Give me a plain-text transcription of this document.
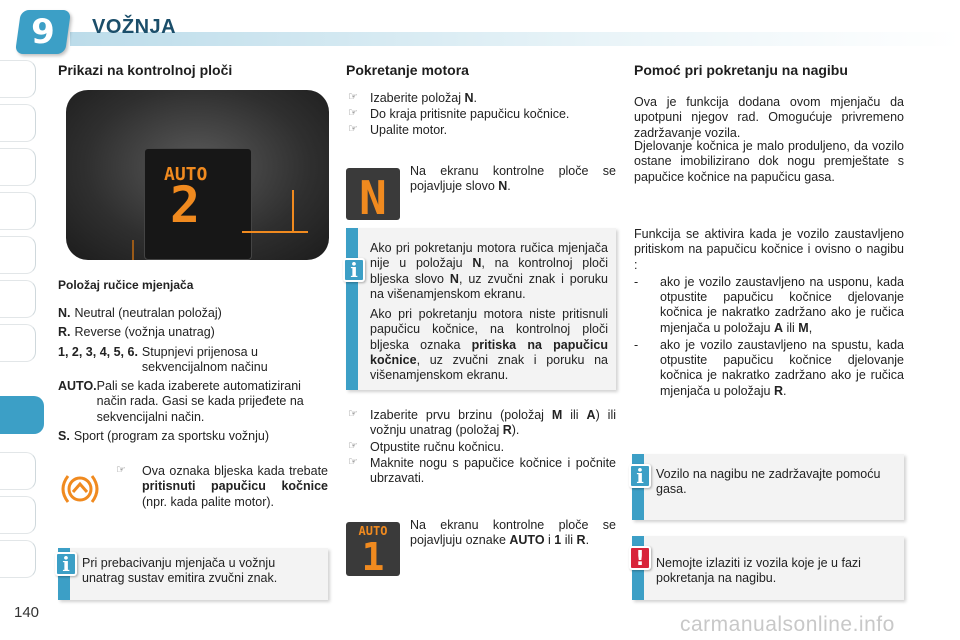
9	VOŽNJA
Prikazi na kontrolnoj ploči
AUTO
2
Položaj ručice mjenjača
N. Neutral (neutralan položaj)
R. Reverse (vožnja unatrag)
1, 2, 3, 4, 5, 6. Stupnjevi prijenosa u sekvencijalnom načinu
AUTO. Pali se kada izaberete automatizirani način rada. Gasi se kada prijeđete na sekvencijalni način.
S. Sport (program za sportsku vožnju)
☞	Ova oznaka bljeska kada trebate pritisnuti papučicu kočnice (npr. kada palite motor).
i Pri prebacivanju mjenjača u vožnju unatrag sustav emitira zvučni znak.
Pokretanje motora
☞ Izaberite položaj N.
☞ Do kraja pritisnite papučicu kočnice.
☞ Upalite motor.
N	Na ekranu kontrolne ploče se pojavljuje slovo N.
i
Ako pri pokretanju motora ručica mjenjača nije u položaju N, na kontrolnoj ploči bljeska slovo N, uz zvučni znak i poruku na višenamjenskom ekranu.
Ako pri pokretanju motora niste pritisnuli papučicu kočnice, na kontrolnoj ploči bljeska oznaka pritiska na papučicu kočnice, uz zvučni znak i poruku na višenamjenskom ekranu.
☞ Izaberite prvu brzinu (položaj M ili A) ili vožnju unatrag (položaj R).
☞ Otpustite ručnu kočnicu.
☞ Maknite nogu s papučice kočnice i počnite ubrzavati.
AUTO
1
Na ekranu kontrolne ploče se pojavljuju oznake AUTO i 1 ili R.
Pomoć pri pokretanju na nagibu
Ova je funkcija dodana ovom mjenjaču da upotpuni njegov rad. Omogućuje privremeno zadržavanje vozila.
Djelovanje kočnica je malo produljeno, da vozilo ostane imobilizirano dok nogu premještate s papučice kočnice na papučicu gasa.
Funkcija se aktivira kada je vozilo zaustavljeno pritiskom na papučicu kočnice i ovisno o nagibu :
- ako je vozilo zaustavljeno na usponu, kada otpustite papučicu kočnice djelovanje kočnica je nakratko zadržano ako je ručica mjenjača u položaju A ili M,
- ako je vozilo zaustavljeno na spustu, kada otpustite papučicu kočnice djelovanje kočnica je nakratko zadržano ako je ručica mjenjača u položaju R.
i Vozilo na nagibu ne zadržavajte pomoću gasa.
! Nemojte izlaziti iz vozila koje je u fazi pokretanja na nagibu.
140
carmanualsonline.info
